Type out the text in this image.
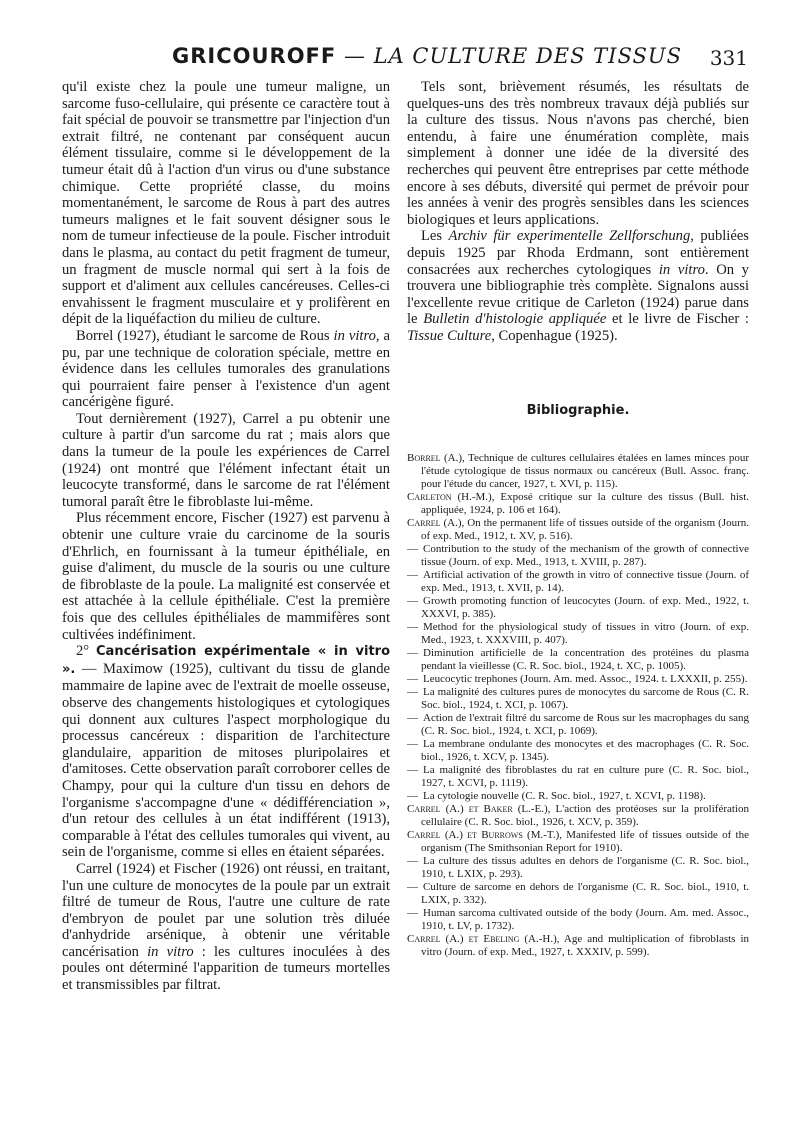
GRICOUROFF — LA CULTURE DES TISSUS 331

qu'il existe chez la poule une tumeur maligne, un sarcome fuso-cellulaire, qui présente ce caractère tout à fait spécial de pouvoir se transmettre par l'injection d'un extrait filtré, ne contenant par conséquent aucun élément tissulaire, comme si le développement de la tumeur était dû à l'action d'un virus ou d'une substance chimique. Cette propriété classe, du moins momentanément, le sarcome de Rous à part des autres tumeurs malignes et le fait souvent désigner sous le nom de tumeur infectieuse de la poule. Fischer introduit dans le plasma, au contact du petit fragment de tumeur, un fragment de muscle normal qui sert à la fois de support et d'aliment aux cellules cancéreuses. Celles-ci envahissent le fragment musculaire et y prolifèrent en dépit de la liquéfaction du milieu de culture.

Borrel (1927), étudiant le sarcome de Rous in vitro, a pu, par une technique de coloration spéciale, mettre en évidence dans les cellules tumorales des granulations qui pourraient faire penser à l'existence d'un agent cancérigène figuré.

Tout dernièrement (1927), Carrel a pu obtenir une culture à partir d'un sarcome du rat ; mais alors que dans la tumeur de la poule les expériences de Carrel (1924) ont montré que l'élément infectant était un leucocyte transformé, dans le sarcome de rat l'élément tumoral paraît être le fibroblaste lui-même.

Plus récemment encore, Fischer (1927) est parvenu à obtenir une culture vraie du carcinome de la souris d'Ehrlich, en fournissant à la tumeur épithéliale, en guise d'aliment, du muscle de la souris ou une culture de fibroblaste de la poule. La malignité est conservée et est attachée à la cellule épithéliale. C'est la première fois que des cellules épithéliales de mammifères sont cultivées indéfiniment.

2° Cancérisation expérimentale « in vitro ». — Maximow (1925), cultivant du tissu de glande mammaire de lapine avec de l'extrait de moelle osseuse, observe des changements histologiques et cytologiques qui donnent aux cultures l'aspect morphologique du processus cancéreux : disparition de l'architecture glandulaire, apparition de mitoses pluripolaires et d'amitoses. Cette observation paraît corroborer celles de Champy, pour qui la culture d'un tissu en dehors de l'organisme s'accompagne d'une « dédifférenciation », d'un retour des cellules à un état indifférent (1913), comparable à l'état des cellules tumorales qui vivent, au sein de l'organisme, comme si elles en étaient séparées.

Carrel (1924) et Fischer (1926) ont réussi, en traitant, l'un une culture de monocytes de la poule par un extrait filtré de tumeur de Rous, l'autre une culture de rate d'embryon de poulet par une solution très diluée d'anhydride arsénique, à obtenir une véritable cancérisation in vitro : les cultures inoculées à des poules ont déterminé l'apparition de tumeurs mortelles et transmissibles par filtrat.

Tels sont, brièvement résumés, les résultats de quelques-uns des très nombreux travaux déjà publiés sur la culture des tissus. Nous n'avons pas cherché, bien entendu, à faire une énumération complète, mais simplement à donner une idée de la diversité des recherches qui peuvent être entreprises par cette méthode encore à ses débuts, diversité qui permet de prévoir pour les années à venir des progrès sensibles dans les sciences biologiques et leurs applications.

Les Archiv für experimentelle Zellforschung, publiées depuis 1925 par Rhoda Erdmann, sont entièrement consacrées aux recherches cytologiques in vitro. On y trouvera une bibliographie très complète. Signalons aussi l'excellente revue critique de Carleton (1924) parue dans le Bulletin d'histologie appliquée et le livre de Fischer : Tissue Culture, Copenhague (1925).

Bibliographie.

Borrel (A.), Technique de cultures cellulaires étalées en lames minces pour l'étude cytologique de tissus normaux ou cancéreux (Bull. Assoc. franç. pour l'étude du cancer, 1927, t. XVI, p. 115).

Carleton (H.-M.), Exposé critique sur la culture des tissus (Bull. hist. appliquée, 1924, p. 106 et 164).

Carrel (A.), On the permanent life of tissues outside of the organism (Journ. of exp. Med., 1912, t. XV, p. 516).

— Contribution to the study of the mechanism of the growth of connective tissue (Journ. of exp. Med., 1913, t. XVIII, p. 287).

— Artificial activation of the growth in vitro of connective tissue (Journ. of exp. Med., 1913, t. XVII, p. 14).

— Growth promoting function of leucocytes (Journ. of exp. Med., 1922, t. XXXVI, p. 385).

— Method for the physiological study of tissues in vitro (Journ. of exp. Med., 1923, t. XXXVIII, p. 407).

— Diminution artificielle de la concentration des protéines du plasma pendant la vieillesse (C. R. Soc. biol., 1924, t. XC, p. 1005).

— Leucocytic trephones (Journ. Am. med. Assoc., 1924. t. LXXXII, p. 255).

— La malignité des cultures pures de monocytes du sarcome de Rous (C. R. Soc. biol., 1924, t. XCI, p. 1067).

— Action de l'extrait filtré du sarcome de Rous sur les macrophages du sang (C. R. Soc. biol., 1924, t. XCI, p. 1069).

— La membrane ondulante des monocytes et des macrophages (C. R. Soc. biol., 1926, t. XCV, p. 1345).

— La malignité des fibroblastes du rat en culture pure (C. R. Soc. biol., 1927, t. XCVI, p. 1119).

— La cytologie nouvelle (C. R. Soc. biol., 1927, t. XCVI, p. 1198).

Carrel (A.) et Baker (L.-E.), L'action des protéoses sur la prolifération cellulaire (C. R. Soc. biol., 1926, t. XCV, p. 359).

Carrel (A.) et Burrows (M.-T.), Manifested life of tissues outside of the organism (The Smithsonian Report for 1910).

— La culture des tissus adultes en dehors de l'organisme (C. R. Soc. biol., 1910, t. LXIX, p. 293).

— Culture de sarcome en dehors de l'organisme (C. R. Soc. biol., 1910, t. LXIX, p. 332).

— Human sarcoma cultivated outside of the body (Journ. Am. med. Assoc., 1910, t. LV, p. 1732).

Carrel (A.) et Ebeling (A.-H.), Age and multiplication of fibroblasts in vitro (Journ. of exp. Med., 1927, t. XXXIV, p. 599).
